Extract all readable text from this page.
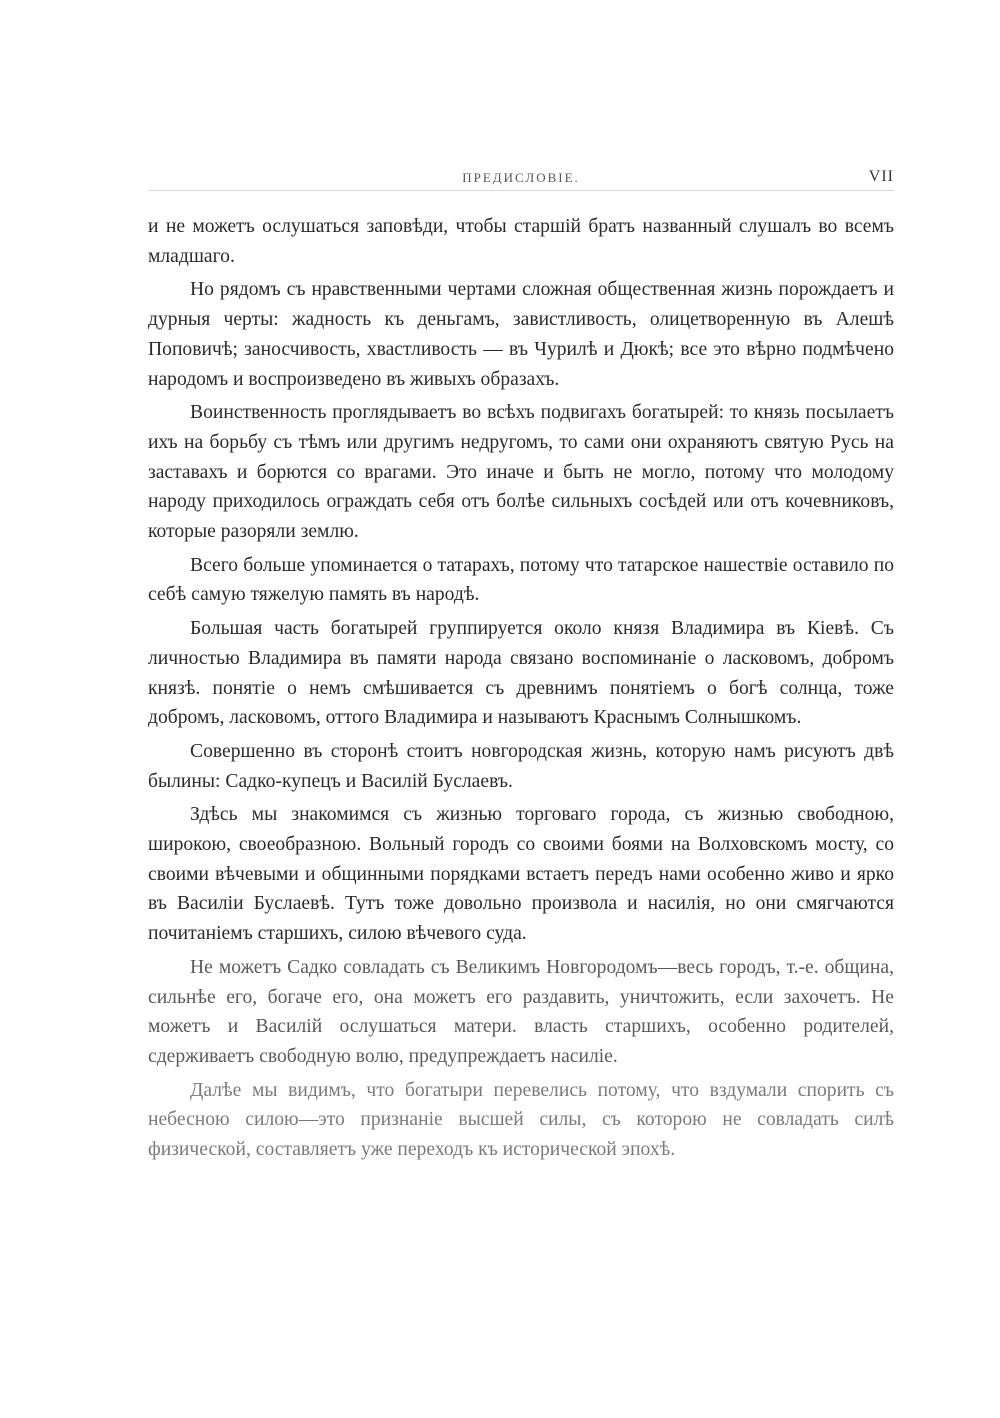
ПРЕДИСЛОВІЕ.	VII

и не можетъ ослушаться заповѣди, чтобы старшій братъ названный слушалъ во всемъ младшаго.

Но рядомъ съ нравственными чертами сложная общественная жизнь порождаетъ и дурныя черты: жадность къ деньгамъ, завистливость, олицетворенную въ Алешѣ Поповичѣ; заносчивость, хвастливость — въ Чурилѣ и Дюкѣ; все это вѣрно подмѣчено народомъ и воспроизведено въ живыхъ образахъ.

Воинственность проглядываетъ во всѣхъ подвигахъ богатырей: то князь посылаетъ ихъ на борьбу съ тѣмъ или другимъ недругомъ, то сами они охраняютъ святую Русь на заставахъ и борются со врагами. Это иначе и быть не могло, потому что молодому народу приходилось ограждать себя отъ болѣе сильныхъ сосѣдей или отъ кочевниковъ, которые разоряли землю.

Всего больше упоминается о татарахъ, потому что татарское нашествіе оставило по себѣ самую тяжелую память въ народѣ.

Большая часть богатырей группируется около князя Владимира въ Кіевѣ. Съ личностью Владимира въ памяти народа связано воспоминаніе о ласковомъ, добромъ князѣ. понятіе о немъ смѣшивается съ древнимъ понятіемъ о богѣ солнца, тоже добромъ, ласковомъ, оттого Владимира и называютъ Краснымъ Солнышкомъ.

Совершенно въ сторонѣ стоитъ новгородская жизнь, которую намъ рисуютъ двѣ былины: Садко-купецъ и Василій Буслаевъ.

Здѣсь мы знакомимся съ жизнью торговаго города, съ жизнью свободною, широкою, своеобразною. Вольный городъ со своими боями на Волховскомъ мосту, со своими вѣчевыми и общинными порядками встаетъ передъ нами особенно живо и ярко въ Василіи Буслаевѣ. Тутъ тоже довольно произвола и насилія, но они смягчаются почитаніемъ старшихъ, силою вѣчевого суда.

Не можетъ Садко совладать съ Великимъ Новгородомъ—весь городъ, т.-е. община, сильнѣе его, богаче его, она можетъ его раздавить, уничтожить, если захочетъ. Не можетъ и Василій ослушаться матери. власть старшихъ, особенно родителей, сдерживаетъ свободную волю, предупреждаетъ насиліе.

Далѣе мы видимъ, что богатыри перевелись потому, что вздумали спорить съ небесною силою—это признаніе высшей силы, съ которою не совладать силѣ физической, составляетъ уже переходъ къ исторической эпохѣ.
